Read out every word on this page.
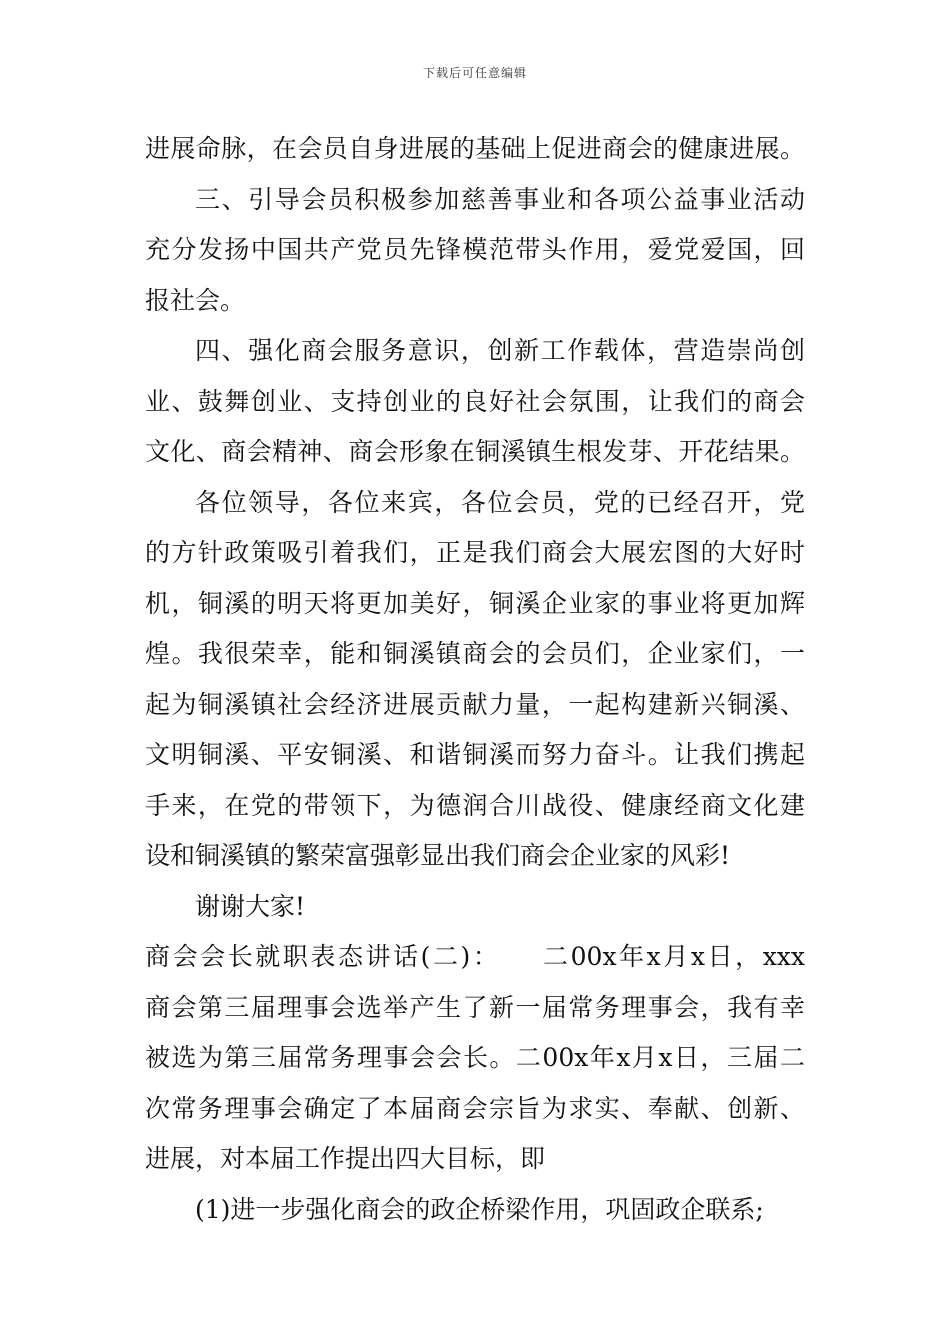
下载后可任意编辑
进展命脉，在会员自身进展的基础上促进商会的健康进展。
三、引导会员积极参加慈善事业和各项公益事业活动
充分发扬中国共产党员先锋模范带头作用，爱党爱国，回
报社会。
四、强化商会服务意识，创新工作载体，营造崇尚创
业、鼓舞创业、支持创业的良好社会氛围，让我们的商会
文化、商会精神、商会形象在铜溪镇生根发芽、开花结果。
各位领导，各位来宾，各位会员，党的已经召开，党
的方针政策吸引着我们，正是我们商会大展宏图的大好时
机，铜溪的明天将更加美好，铜溪企业家的事业将更加辉
煌。我很荣幸，能和铜溪镇商会的会员们，企业家们，一
起为铜溪镇社会经济进展贡献力量，一起构建新兴铜溪、
文明铜溪、平安铜溪、和谐铜溪而努力奋斗。让我们携起
手来，在党的带领下，为德润合川战役、健康经商文化建
设和铜溪镇的繁荣富强彰显出我们商会企业家的风彩!
谢谢大家!
商会会长就职表态讲话(二)：　　二00x年x月x日，xxx
商会第三届理事会选举产生了新一届常务理事会，我有幸
被选为第三届常务理事会会长。二00x年x月x日，三届二
次常务理事会确定了本届商会宗旨为求实、奉献、创新、
进展，对本届工作提出四大目标，即
(1)进一步强化商会的政企桥梁作用，巩固政企联系;
